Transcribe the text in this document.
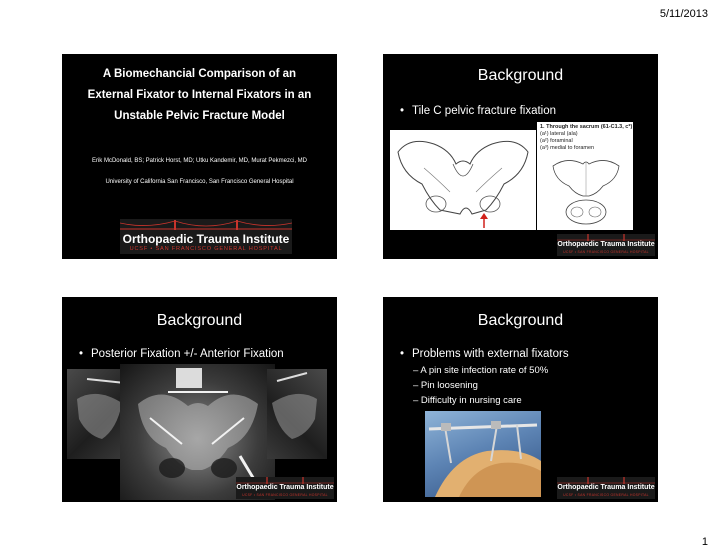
5/11/2013
A Biomechancial Comparison of an
External Fixator to Internal Fixators in an
Unstable Pelvic Fracture Model
Erik McDonald, BS; Patrick Horst, MD; Utku Kandemir, MD, Murat Pekmezci, MD
University of California San Francisco, San Francisco General Hospital
Orthopaedic Trauma Institute
UCSF • SAN FRANCISCO GENERAL HOSPITAL
Background
• Tile C pelvic fracture fixation
1. Through the sacrum (61-C1.3, c*)
(a¹) lateral (ala)
(a²) foraminal
(a³) medial to foramen
Orthopaedic Trauma Institute
UCSF • SAN FRANCISCO GENERAL HOSPITAL
Background
• Posterior Fixation +/- Anterior Fixation
Orthopaedic Trauma Institute
UCSF • SAN FRANCISCO GENERAL HOSPITAL
Background
• Problems with external fixators
– A pin site infection rate of 50%
– Pin loosening
– Difficulty in nursing care
Orthopaedic Trauma Institute
UCSF • SAN FRANCISCO GENERAL HOSPITAL
1
